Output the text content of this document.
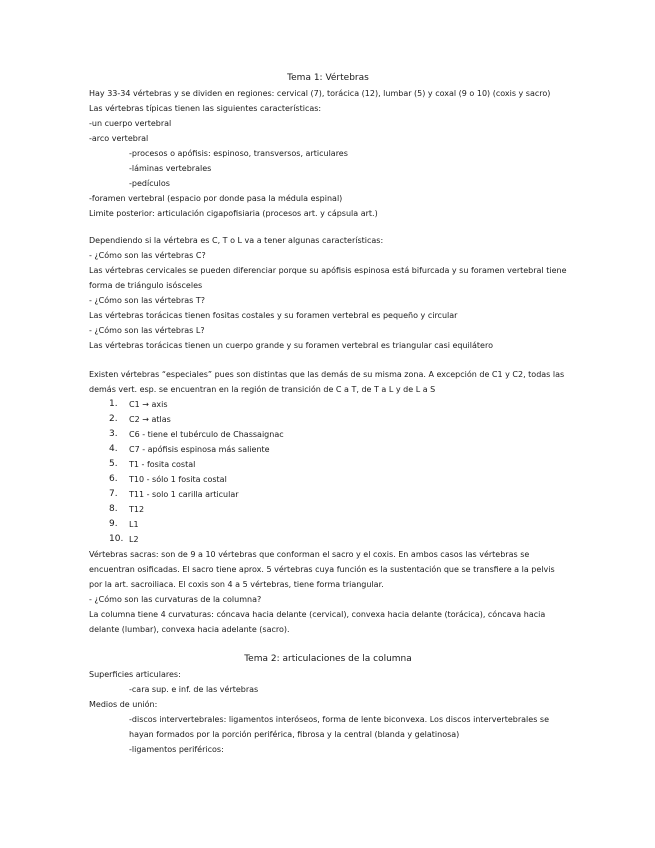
Tema 1: Vértebras

Hay 33-34 vértebras y se dividen en regiones: cervical (7), torácica (12), lumbar (5) y coxal (9 o 10) (coxis y sacro)

Las vértebras típicas tienen las siguientes características:

-un cuerpo vertebral

-arco vertebral

-procesos o apófisis: espinoso, transversos, articulares

-láminas vertebrales

-pedículos

-foramen vertebral (espacio por donde pasa la médula espinal)

Limite posterior: articulación cigapofisiaria (procesos art. y cápsula art.)

Dependiendo si la vértebra es C, T o L va a tener algunas características:

- ¿Cómo son las vértebras C?

Las vértebras cervicales se pueden diferenciar porque su apófisis espinosa está bifurcada y su foramen vertebral tiene forma de triángulo isósceles

- ¿Cómo son las vértebras T?

Las vértebras torácicas tienen fositas costales y su foramen vertebral es pequeño y circular

- ¿Cómo son las vértebras L?

Las vértebras torácicas tienen un cuerpo grande y su foramen vertebral es triangular casi equilátero

Existen vértebras “especiales” pues son distintas que las demás de su misma zona. A excepción de C1 y C2, todas las demás vert. esp. se encuentran en la región de transición de C a T, de T a L y de L a S

1.	C1 → axis
2.	C2 → atlas
3.	C6 - tiene el tubérculo de Chassaignac
4.	C7 - apófisis espinosa más saliente
5.	T1 - fosita costal
6.	T10 - sólo 1 fosita costal
7.	T11 - solo 1 carilla articular
8.	T12
9.	L1
10. L2

Vértebras sacras: son de 9 a 10 vértebras que conforman el sacro y el coxis. En ambos casos las vértebras se encuentran osificadas. El sacro tiene aprox. 5 vértebras cuya función es la sustentación que se transfiere a la pelvis por la art. sacroiliaca. El coxis son 4 a 5 vértebras, tiene forma triangular.

- ¿Cómo son las curvaturas de la columna?

La columna tiene 4 curvaturas: cóncava hacia delante (cervical), convexa hacia delante (torácica), cóncava hacia delante (lumbar), convexa hacia adelante (sacro).

Tema 2: articulaciones de la columna

Superficies articulares:

-cara sup. e inf. de las vértebras

Medios de unión:

-discos intervertebrales: ligamentos interóseos, forma de lente biconvexa. Los discos intervertebrales se hayan formados por la porción periférica, fibrosa y la central (blanda y gelatinosa)

-ligamentos periféricos:
